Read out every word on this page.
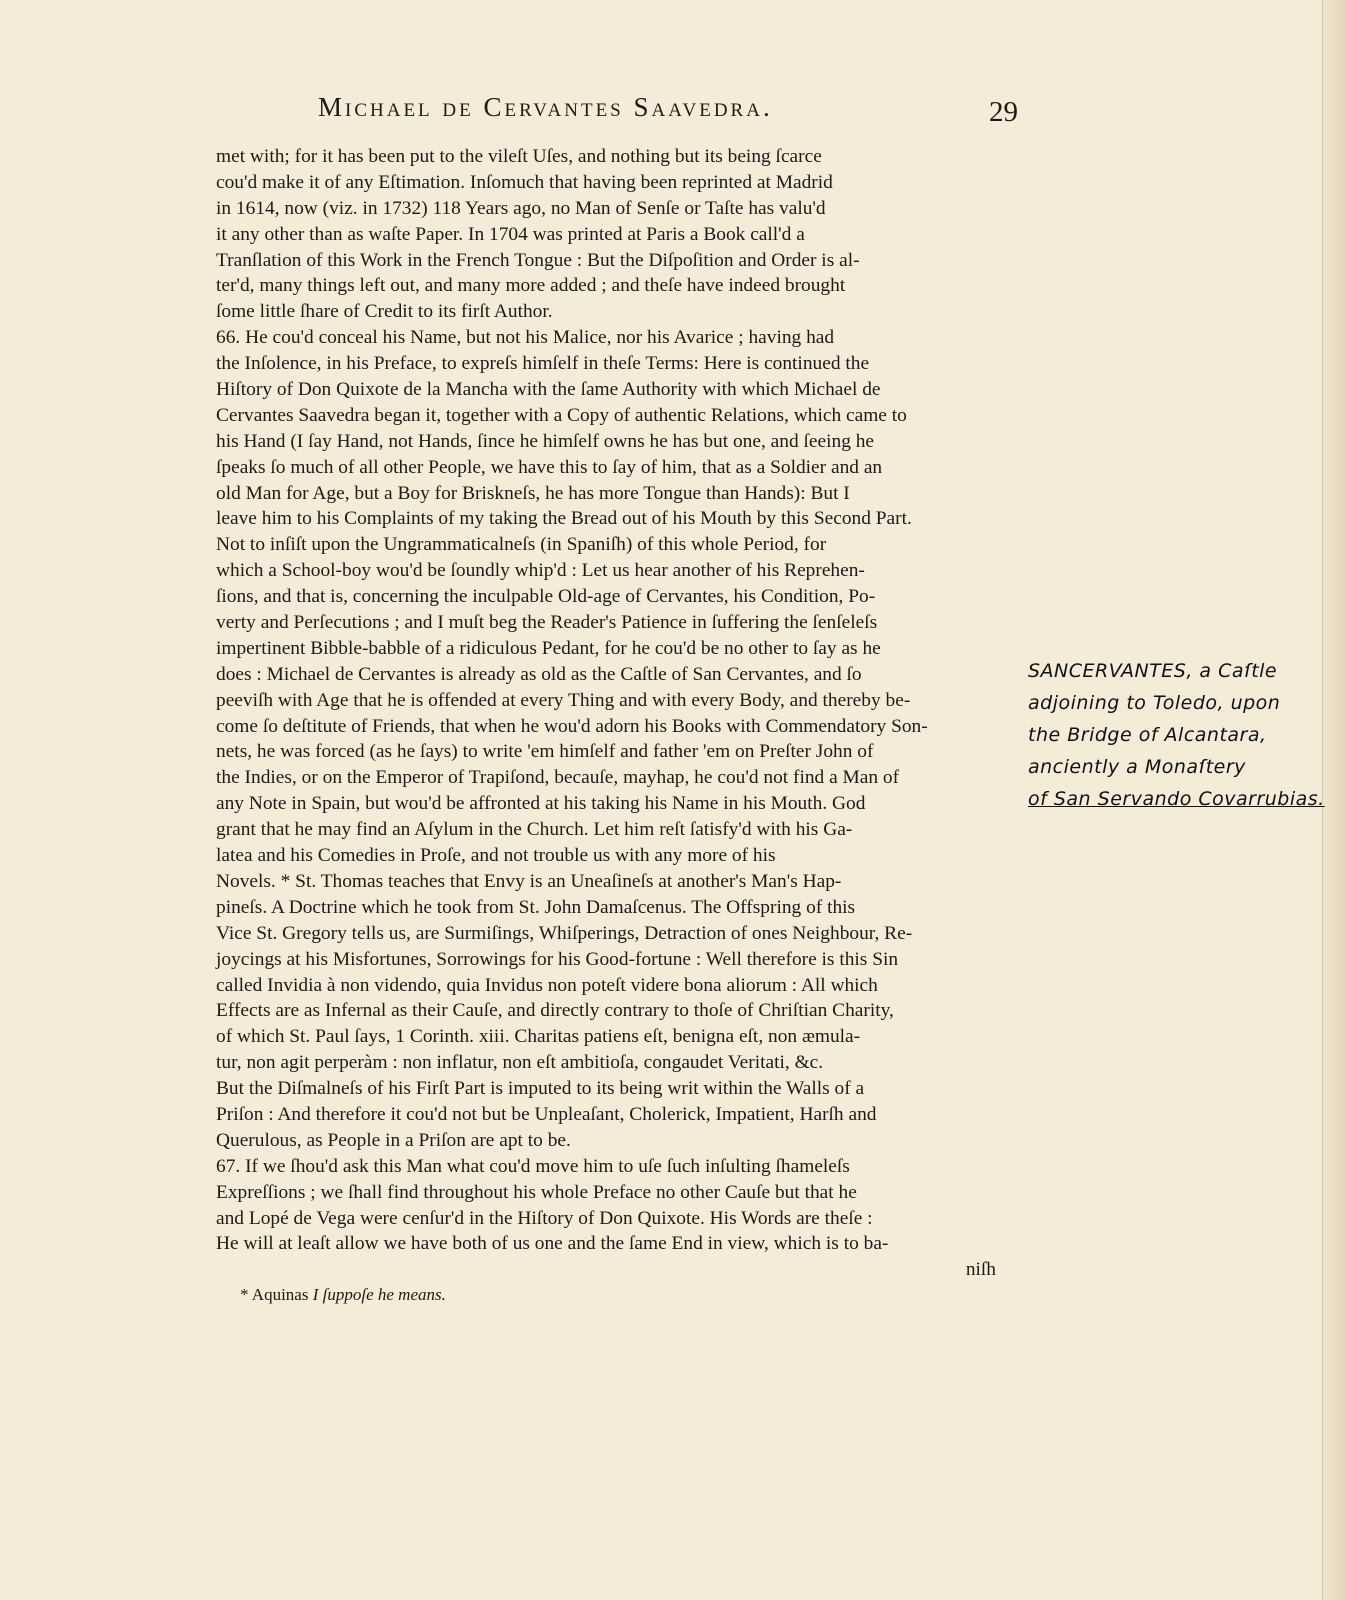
Michael de Cervantes Saavedra.	29
met with; for it has been put to the vileſt Uſes, and nothing but its being ſcarce
cou'd make it of any Eſtimation. Inſomuch that having been reprinted at Madrid
in 1614, now (viz. in 1732) 118 Years ago, no Man of Senſe or Taſte has valu'd
it any other than as waſte Paper. In 1704 was printed at Paris a Book call'd a
Tranſlation of this Work in the French Tongue : But the Diſpoſition and Order is al-
ter'd, many things left out, and many more added ; and theſe have indeed brought
ſome little ſhare of Credit to its firſt Author.
66. He cou'd conceal his Name, but not his Malice, nor his Avarice ; having had
the Inſolence, in his Preface, to expreſs himſelf in theſe Terms: Here is continued the
Hiſtory of Don Quixote de la Mancha with the ſame Authority with which Michael de
Cervantes Saavedra began it, together with a Copy of authentic Relations, which came to
his Hand (I ſay Hand, not Hands, ſince he himſelf owns he has but one, and ſeeing he
ſpeaks ſo much of all other People, we have this to ſay of him, that as a Soldier and an
old Man for Age, but a Boy for Briskneſs, he has more Tongue than Hands): But I
leave him to his Complaints of my taking the Bread out of his Mouth by this Second Part.
Not to inſiſt upon the Ungrammaticalneſs (in Spaniſh) of this whole Period, for
which a School-boy wou'd be ſoundly whip'd : Let us hear another of his Reprehen-
ſions, and that is, concerning the inculpable Old-age of Cervantes, his Condition, Po-
verty and Perſecutions ; and I muſt beg the Reader's Patience in ſuffering the ſenſeleſs
impertinent Bibble-babble of a ridiculous Pedant, for he cou'd be no other to ſay as he
does : Michael de Cervantes is already as old as the Caſtle of San Cervantes, and ſo
peeviſh with Age that he is offended at every Thing and with every Body, and thereby be-
come ſo deſtitute of Friends, that when he wou'd adorn his Books with Commendatory Son-
nets, he was forced (as he ſays) to write 'em himſelf and father 'em on Preſter John of
the Indies, or on the Emperor of Trapiſond, becauſe, mayhap, he cou'd not find a Man of
any Note in Spain, but wou'd be affronted at his taking his Name in his Mouth. God
grant that he may find an Aſylum in the Church. Let him reſt ſatisfy'd with his Ga-
latea and his Comedies in Proſe, and not trouble us with any more of his
Novels. * St. Thomas teaches that Envy is an Uneaſineſs at another's Man's Hap-
pineſs. A Doctrine which he took from St. John Damaſcenus. The Offspring of this
Vice St. Gregory tells us, are Surmiſings, Whiſperings, Detraction of ones Neighbour, Re-
joycings at his Misfortunes, Sorrowings for his Good-fortune : Well therefore is this Sin
called Invidia à non videndo, quia Invidus non poteſt videre bona aliorum : All which
Effects are as Infernal as their Cauſe, and directly contrary to thoſe of Chriſtian Charity,
of which St. Paul ſays, 1 Corinth. xiii. Charitas patiens eſt, benigna eſt, non æmula-
tur, non agit perperàm : non inflatur, non eſt ambitioſa, congaudet Veritati, &c.
But the Diſmalneſs of his Firſt Part is imputed to its being writ within the Walls of a
Priſon : And therefore it cou'd not but be Unpleaſant, Cholerick, Impatient, Harſh and
Querulous, as People in a Priſon are apt to be.
67. If we ſhou'd ask this Man what cou'd move him to uſe ſuch inſulting ſhameleſs
Expreſſions ; we ſhall find throughout his whole Preface no other Cauſe but that he
and Lopé de Vega were cenſur'd in the Hiſtory of Don Quixote. His Words are theſe :
He will at leaſt allow we have both of us one and the ſame End in view, which is to ba-
niſh
* Aquinas I ſuppoſe he means.
SANCERVANTES, a Caſtle
adjoining to Toledo, upon
the Bridge of Alcantara,
anciently a Monaſtery
of San Servando Covarrubias.
